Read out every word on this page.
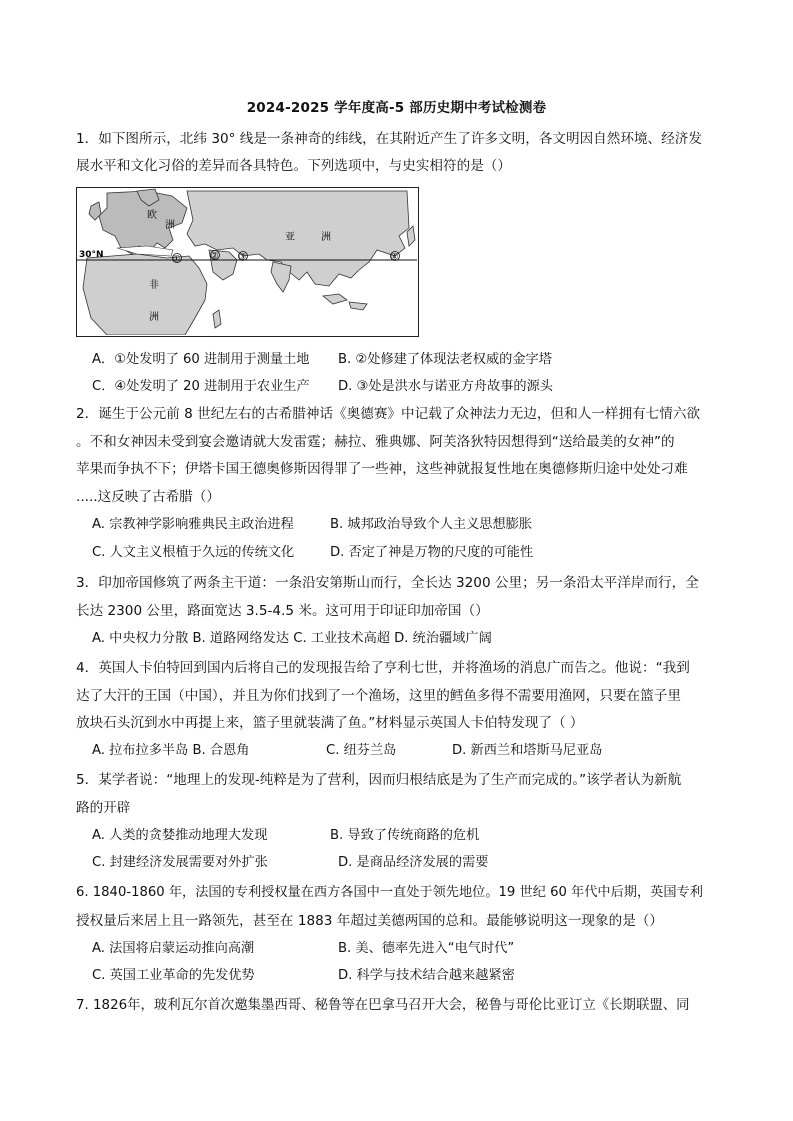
2024-2025 学年度高-5 部历史期中考试检测卷
1．如下图所示，北纬 30° 线是一条神奇的纬线，在其附近产生了许多文明，各文明因自然环境、经济发
展水平和文化习俗的差异而各具特色。下列选项中，与史实相符的是（）
欧
洲
亚	洲
非
洲
30°N	①	② ③	④
A．①处发明了 60 进制用于测量土地 B. ②处修建了体现法老权威的金字塔
C．④处发明了 20 进制用于农业生产 D. ③处是洪水与诺亚方舟故事的源头
2．诞生于公元前 8 世纪左右的古希腊神话《奥德赛》中记载了众神法力无边，但和人一样拥有七情六欲
。不和女神因未受到宴会邀请就大发雷霆；赫拉、雅典娜、阿芙洛狄特因想得到“送给最美的女神”的
苹果而争执不下；伊塔卡国王德奥修斯因得罪了一些神，这些神就报复性地在奥德修斯归途中处处刁难
.....这反映了古希腊（）
A. 宗教神学影响雅典民主政治进程	B. 城邦政治导致个人主义思想膨胀
C. 人文主义根植于久远的传统文化	D. 否定了神是万物的尺度的可能性
3．印加帝国修筑了两条主干道：一条沿安第斯山而行，全长达 3200 公里；另一条沿太平洋岸而行，全
长达 2300 公里，路面宽达 3.5-4.5 米。这可用于印证印加帝国（）
A. 中央权力分散 B. 道路网络发达 C. 工业技术高超 D. 统治疆域广阔
4．英国人卡伯特回到国内后将自己的发现报告给了亨利七世，并将渔场的消息广而告之。他说：“我到
达了大汗的王国（中国），并且为你们找到了一个渔场，这里的鳕鱼多得不需要用渔网，只要在篮子里
放块石头沉到水中再提上来，篮子里就装满了鱼。”材料显示英国人卡伯特发现了（ ）
A. 拉布拉多半岛 B. 合恩角	C. 纽芬兰岛	D. 新西兰和塔斯马尼亚岛
5．某学者说：“地理上的发现-纯粹是为了营利，因而归根结底是为了生产而完成的。”该学者认为新航
路的开辟
A. 人类的贪婪推动地理大发现	B. 导致了传统商路的危机
C. 封建经济发展需要对外扩张	D. 是商品经济发展的需要
6. 1840-1860 年，法国的专利授权量在西方各国中一直处于领先地位。19 世纪 60 年代中后期，英国专利
授权量后来居上且一路领先，甚至在 1883 年超过美德两国的总和。最能够说明这一现象的是（）
A. 法国将启蒙运动推向高潮	B. 美、德率先进入“电气时代”
C. 英国工业革命的先发优势	D. 科学与技术结合越来越紧密
7. 1826年，玻利瓦尔首次邀集墨西哥、秘鲁等在巴拿马召开大会，秘鲁与哥伦比亚订立《长期联盟、同
